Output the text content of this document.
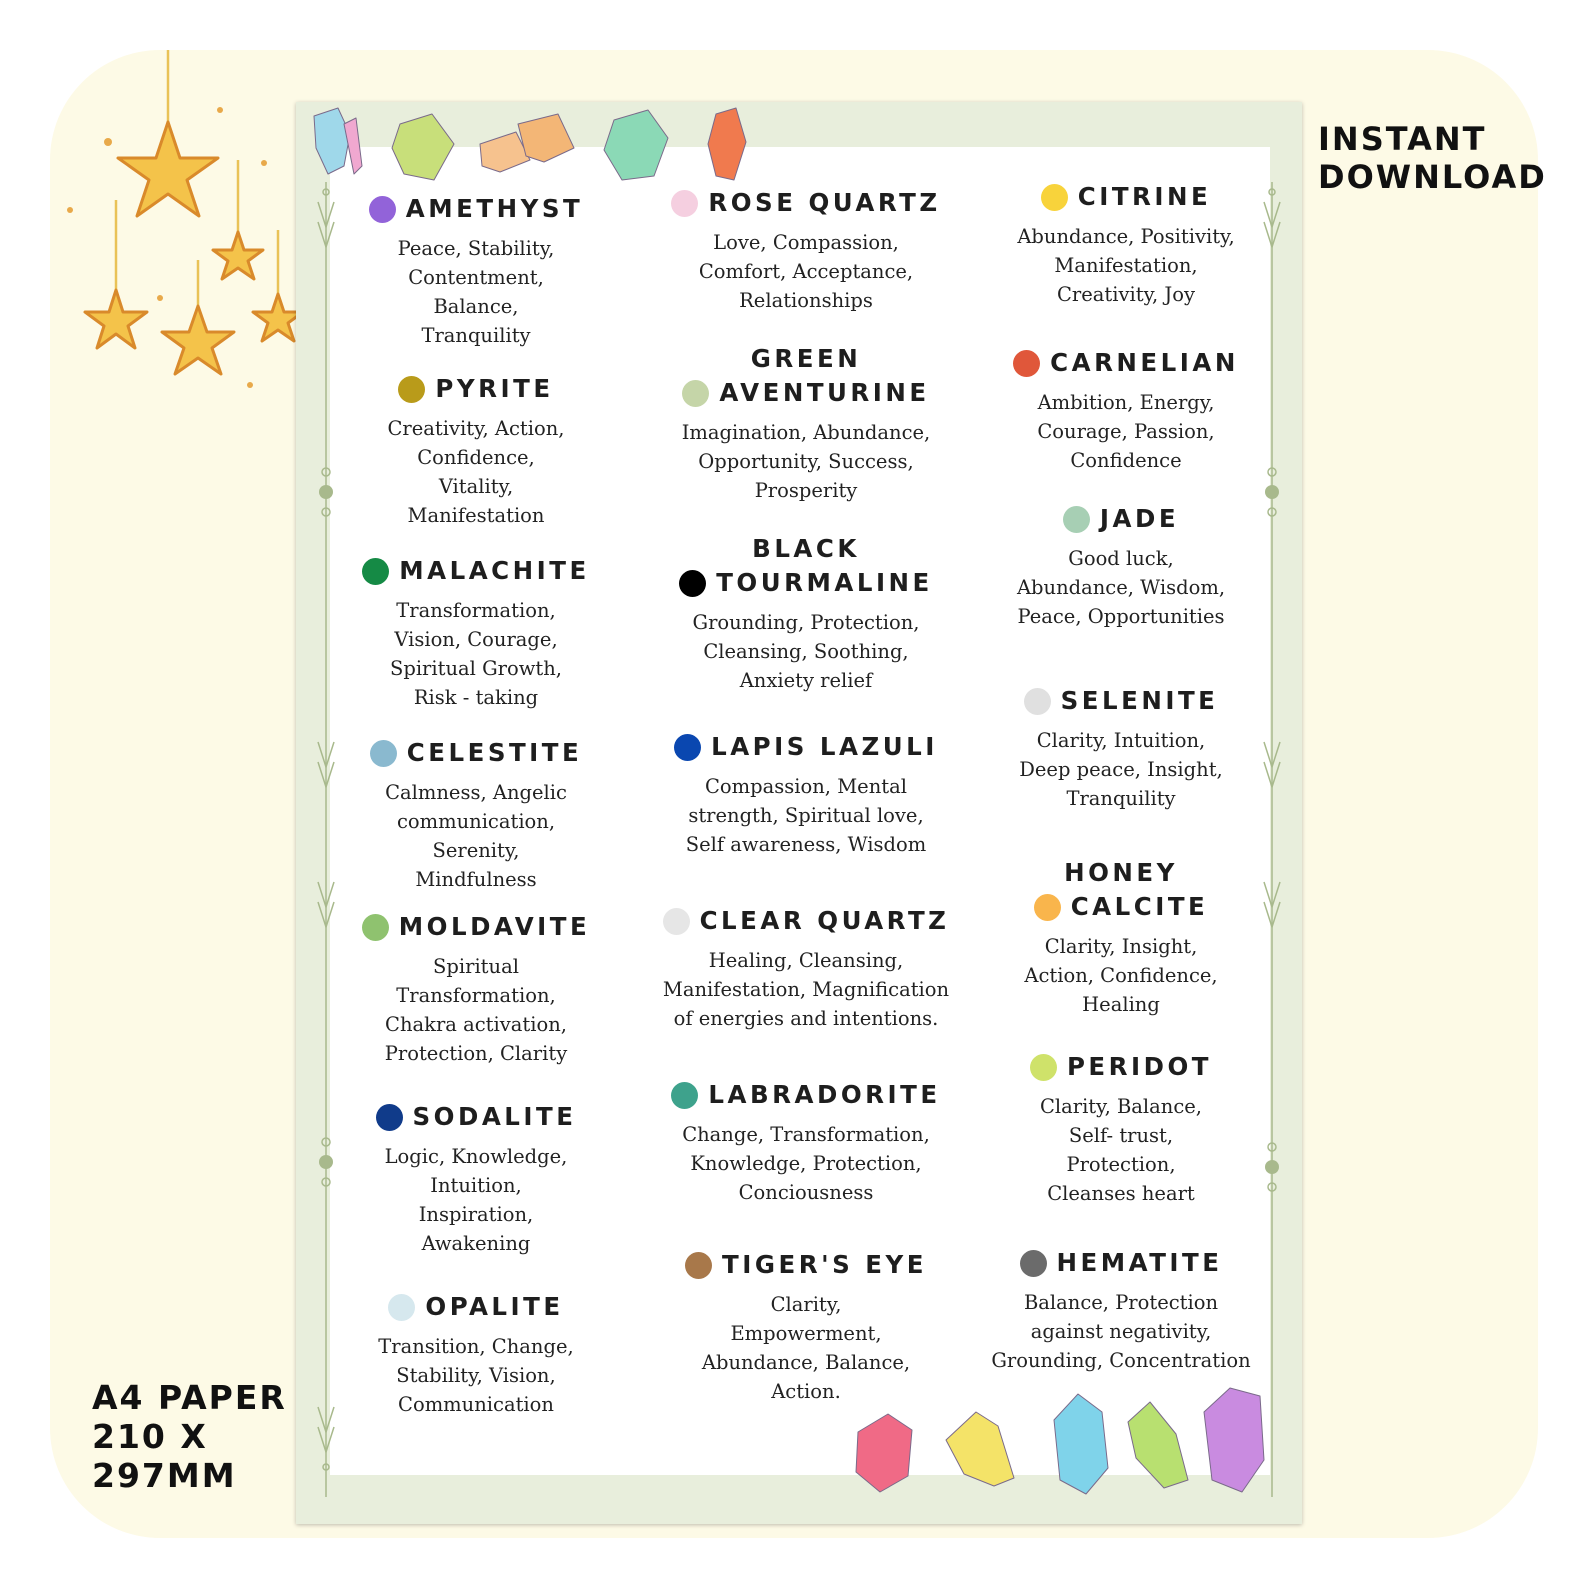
INSTANT
DOWNLOAD
A4 PAPER
210 X
297MM
AMETHYST
Peace, Stability,
Contentment,
Balance,
Tranquility
PYRITE
Creativity, Action,
Confidence,
Vitality,
Manifestation
MALACHITE
Transformation,
Vision, Courage,
Spiritual Growth,
Risk - taking
CELESTITE
Calmness, Angelic
communication,
Serenity,
Mindfulness
MOLDAVITE
Spiritual
Transformation,
Chakra activation,
Protection, Clarity
SODALITE
Logic, Knowledge,
Intuition,
Inspiration,
Awakening
OPALITE
Transition, Change,
Stability, Vision,
Communication
ROSE QUARTZ
Love, Compassion,
Comfort, Acceptance,
Relationships
GREEN
AVENTURINE
Imagination, Abundance,
Opportunity, Success,
Prosperity
BLACK
TOURMALINE
Grounding, Protection,
Cleansing, Soothing,
Anxiety relief
LAPIS LAZULI
Compassion, Mental
strength, Spiritual love,
Self awareness, Wisdom
CLEAR QUARTZ
Healing, Cleansing,
Manifestation, Magnification
of energies and intentions.
LABRADORITE
Change, Transformation,
Knowledge, Protection,
Conciousness
TIGER'S EYE
Clarity,
Empowerment,
Abundance, Balance,
Action.
CITRINE
Abundance, Positivity,
Manifestation,
Creativity, Joy
CARNELIAN
Ambition, Energy,
Courage, Passion,
Confidence
JADE
Good luck,
Abundance, Wisdom,
Peace, Opportunities
SELENITE
Clarity, Intuition,
Deep peace, Insight,
Tranquility
HONEY
CALCITE
Clarity, Insight,
Action, Confidence,
Healing
PERIDOT
Clarity, Balance,
Self- trust,
Protection,
Cleanses heart
HEMATITE
Balance, Protection
against negativity,
Grounding, Concentration
